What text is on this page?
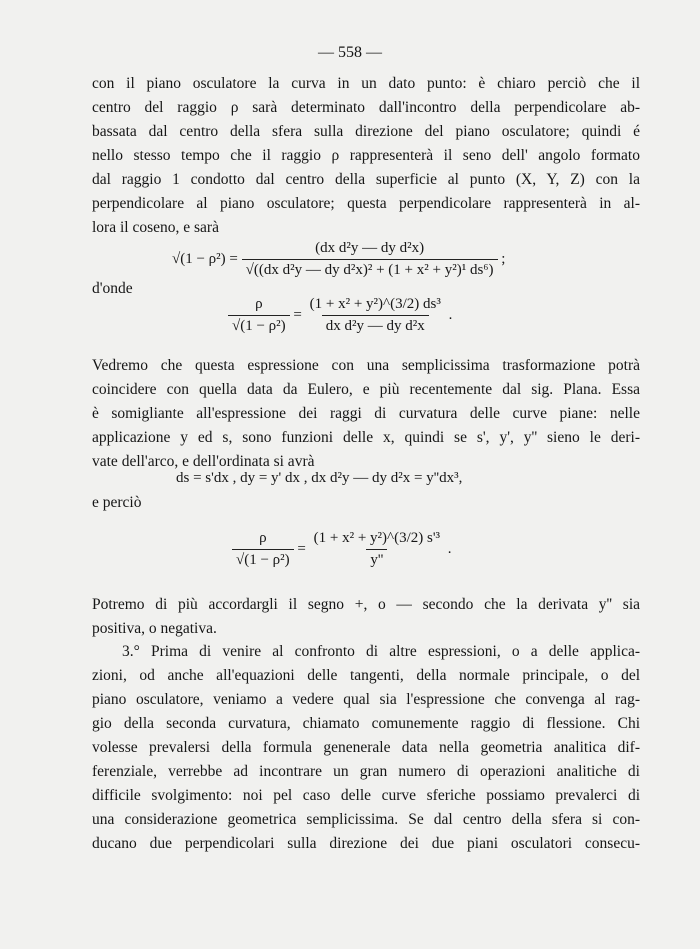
— 558 —
con il piano osculatore la curva in un dato punto: è chiaro perciò che il
centro del raggio ρ sarà determinato dall'incontro della perpendicolare ab-
bassata dal centro della sfera sulla direzione del piano osculatore; quindi é
nello stesso tempo che il raggio ρ rappresenterà il seno dell' angolo formato
dal raggio 1 condotto dal centro della superficie al punto (X, Y, Z) con la
perpendicolare al piano osculatore; questa perpendicolare rappresenterà in al-
lora il coseno, e sarà
$√(1 - \rho^2) = \frac{\text{(dx d²y — dy d²x)}}{\text{√((dx d²y — dy d²x)² + (1 + x² + y²)¹ ds⁶)}}$ ;
d'onde
$\frac{\rho}{\text{√(1 − ρ²)}} = \frac{\text{(1 + x² + y²)\textasciicircum{}(3/2) ds³}}{\text{dx d²y — dy d²x}}$ .
Vedremo che questa espressione con una semplicissima trasformazione potrà
coincidere con quella data da Eulero, e più recentemente dal sig. Plana. Essa
è somigliante all'espressione dei raggi di curvatura delle curve piane: nelle
applicazione y ed s, sono funzioni delle x, quindi se s', y', y'' sieno le deri-
vate dell'arco, e dell'ordinata si avrà
ds = s'dx , dy = y' dx , dx d²y — dy d²x = y''dx³,
e perciò
$\frac{\rho}{\text{√(1 − ρ²)}} = \frac{\text{(1 + x² + y²)\textasciicircum{}(3/2) s'³}}{y''}$ .
Potremo di più accordargli il segno +, o — secondo che la derivata y'' sia
positiva, o negativa.
3.° Prima di venire al confronto di altre espressioni, o a delle applica-
zioni, od anche all'equazioni delle tangenti, della normale principale, o del
piano osculatore, veniamo a vedere qual sia l'espressione che convenga al rag-
gio della seconda curvatura, chiamato comunemente raggio di flessione. Chi
volesse prevalersi della formula genenerale data nella geometria analitica dif-
ferenziale, verrebbe ad incontrare un gran numero di operazioni analitiche di
difficile svolgimento: noi pel caso delle curve sferiche possiamo prevalerci di
una considerazione geometrica semplicissima. Se dal centro della sfera si con-
ducano due perpendicolari sulla direzione dei due piani osculatori consecu-
